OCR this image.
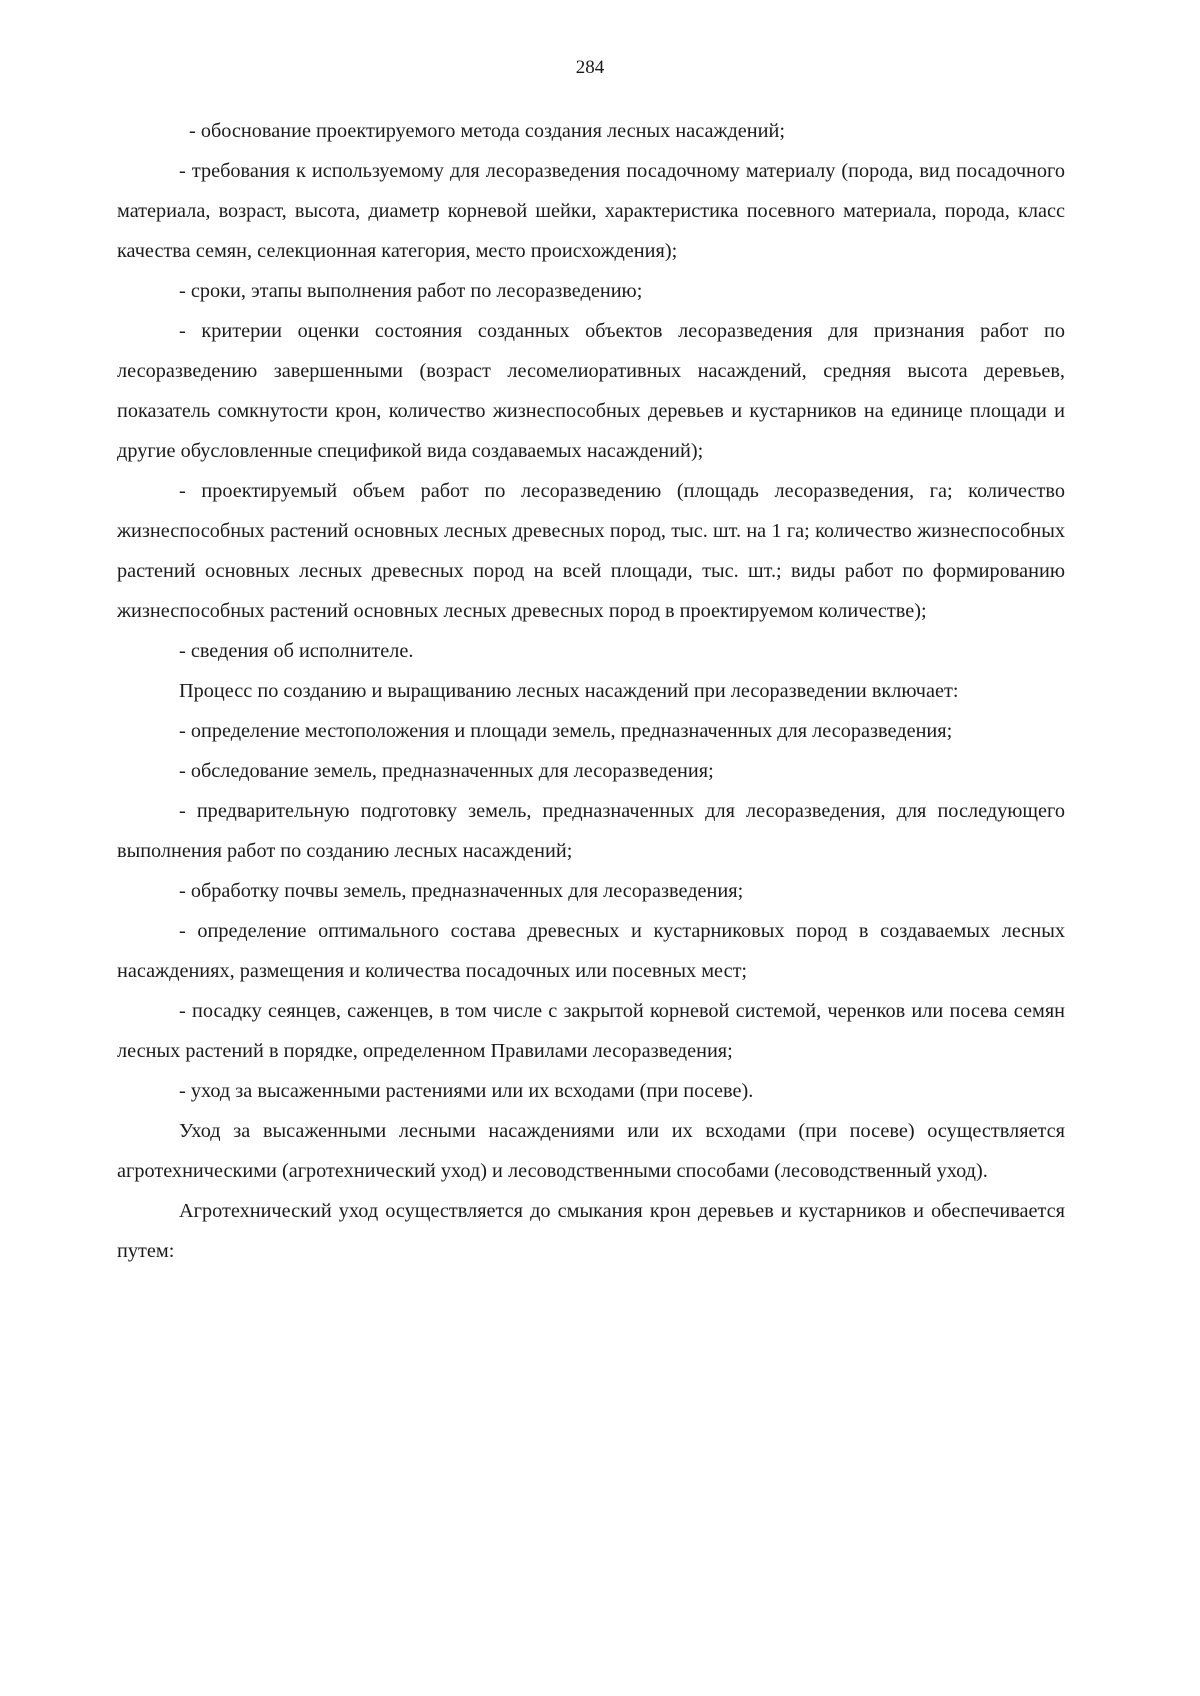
284

- обоснование проектируемого метода создания лесных насаждений;

- требования к используемому для лесоразведения посадочному материалу (порода, вид посадочного материала, возраст, высота, диаметр корневой шейки, характеристика посевного материала, порода, класс качества семян, селекционная категория, место происхождения);

- сроки, этапы выполнения работ по лесоразведению;

- критерии оценки состояния созданных объектов лесоразведения для признания работ по лесоразведению завершенными (возраст лесомелиоративных насаждений, средняя высота деревьев, показатель сомкнутости крон, количество жизнеспособных деревьев и кустарников на единице площади и другие обусловленные спецификой вида создаваемых насаждений);

- проектируемый объем работ по лесоразведению (площадь лесоразведения, га; количество жизнеспособных растений основных лесных древесных пород, тыс. шт. на 1 га; количество жизнеспособных растений основных лесных древесных пород на всей площади, тыс. шт.; виды работ по формированию жизнеспособных растений основных лесных древесных пород в проектируемом количестве);

- сведения об исполнителе.

Процесс по созданию и выращиванию лесных насаждений при лесоразведении включает:

- определение местоположения и площади земель, предназначенных для лесоразведения;

- обследование земель, предназначенных для лесоразведения;

- предварительную подготовку земель, предназначенных для лесоразведения, для последующего выполнения работ по созданию лесных насаждений;

- обработку почвы земель, предназначенных для лесоразведения;

- определение оптимального состава древесных и кустарниковых пород в создаваемых лесных насаждениях, размещения и количества посадочных или посевных мест;

- посадку сеянцев, саженцев, в том числе с закрытой корневой системой, черенков или посева семян лесных растений в порядке, определенном Правилами лесоразведения;

- уход за высаженными растениями или их всходами (при посеве).

Уход за высаженными лесными насаждениями или их всходами (при посеве) осуществляется агротехническими (агротехнический уход) и лесоводственными способами (лесоводственный уход).

Агротехнический уход осуществляется до смыкания крон деревьев и кустарников и обеспечивается путем:
